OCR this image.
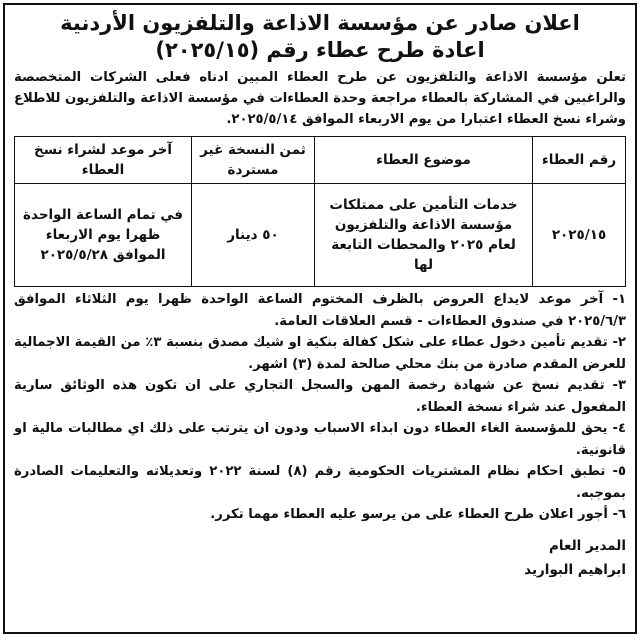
اعلان صادر عن مؤسسة الاذاعة والتلفزيون الأردنية
اعادة طرح عطاء رقم (٢٠٢٥/١٥)
تعلن مؤسسة الاذاعة والتلفزيون عن طرح العطاء المبين ادناه فعلى الشركات المتخصصة والراغبين في المشاركة بالعطاء مراجعة وحدة العطاءات في مؤسسة الاذاعة والتلفزيون للاطلاع وشراء نسخ العطاء اعتبارا من يوم الاربعاء الموافق ٢٠٢٥/٥/١٤.
رقم العطاء	موضوع العطاء	ثمن النسخة غير مستردة	آخر موعد لشراء نسخ العطاء
٢٠٢٥/١٥	خدمات التأمين على ممتلكات مؤسسة الاذاعة والتلفزيون لعام ٢٠٢٥ والمحطات التابعة لها	٥٠ دينار	في تمام الساعة الواحدة ظهرا يوم الاربعاء الموافق ٢٠٢٥/٥/٢٨
١- آخر موعد لايداع العروض بالظرف المختوم الساعة الواحدة ظهرا يوم الثلاثاء الموافق ٢٠٢٥/٦/٣ في صندوق العطاءات - قسم العلاقات العامة.
٢- تقديم تأمين دخول عطاء على شكل كفالة بنكية او شيك مصدق بنسبة ٣٪ من القيمة الاجمالية للعرض المقدم صادرة من بنك محلي صالحة لمدة (٣) اشهر.
٣- تقديم نسخ عن شهادة رخصة المهن والسجل التجاري على ان تكون هذه الوثائق سارية المفعول عند شراء نسخة العطاء.
٤- يحق للمؤسسة الغاء العطاء دون ابداء الاسباب ودون ان يترتب على ذلك اي مطالبات مالية او قانونية.
٥- تطبق احكام نظام المشتريات الحكومية رقم (٨) لسنة ٢٠٢٢ وتعديلاته والتعليمات الصادرة بموجبه.
٦- أجور اعلان طرح العطاء على من يرسو عليه العطاء مهما تكرر.
المدير العام
ابراهيم البواريد
